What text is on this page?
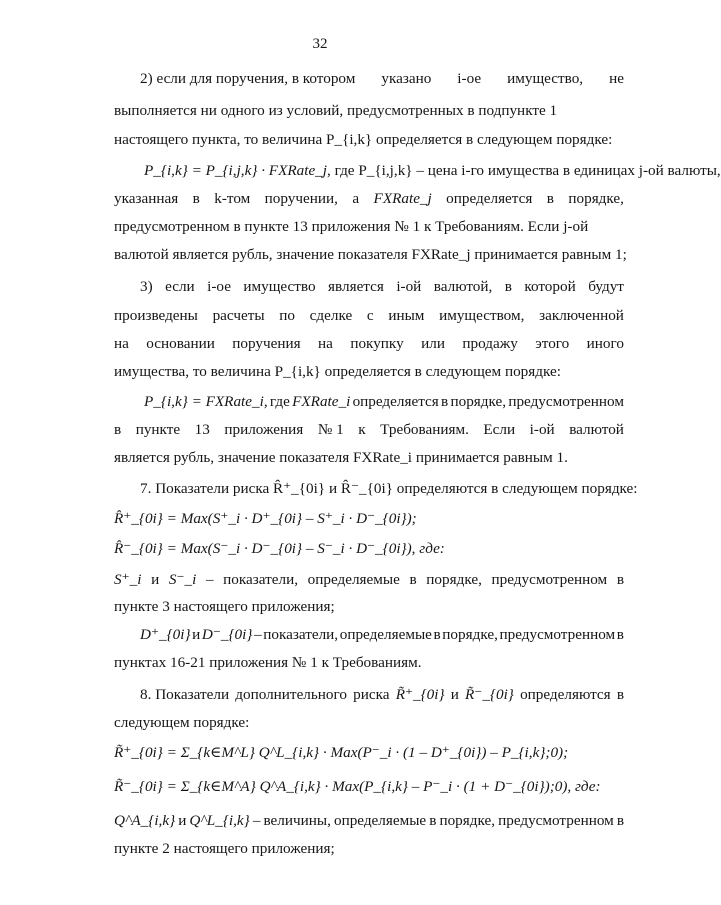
32
2) если для поручения, в котором указано i-ое имущество, не
выполняется ни одного из условий, предусмотренных в подпункте 1
настоящего пункта, то величина P_{i,k} определяется в следующем порядке:
P_{i,k} = P_{i,j,k} · FXRate_j, где P_{i,j,k} – цена i-го имущества в единицах j-ой валюты,
указанная в k-том поручении, а FXRate_j определяется в порядке,
предусмотренном в пункте 13 приложения № 1 к Требованиям. Если j-ой
валютой является рубль, значение показателя FXRate_j принимается равным 1;
3) если i-ое имущество является i-ой валютой, в которой будут
произведены расчеты по сделке с иным имуществом, заключенной
на основании поручения на покупку или продажу этого иного
имущества, то величина P_{i,k} определяется в следующем порядке:
P_{i,k} = FXRate_i, где FXRate_i определяется в порядке, предусмотренном
в пункте 13 приложения № 1 к Требованиям. Если i-ой валютой
является рубль, значение показателя FXRate_i принимается равным 1.
7. Показатели риска R̂⁺_{0i} и R̂⁻_{0i} определяются в следующем порядке:
R̂⁺_{0i} = Max(S⁺_i · D⁺_{0i} – S⁺_i · D⁻_{0i});
R̂⁻_{0i} = Max(S⁻_i · D⁻_{0i} – S⁻_i · D⁻_{0i}), где:
S⁺_i и S⁻_i – показатели, определяемые в порядке, предусмотренном в
пункте 3 настоящего приложения;
D⁺_{0i} и D⁻_{0i} – показатели, определяемые в порядке, предусмотренном в
пунктах 16-21 приложения № 1 к Требованиям.
8. Показатели дополнительного риска R̃⁺_{0i} и R̃⁻_{0i} определяются в
следующем порядке:
R̃⁺_{0i} = Σ_{k∈M^L} Q^L_{i,k} · Max(P⁻_i · (1 – D⁺_{0i}) – P_{i,k};0);
R̃⁻_{0i} = Σ_{k∈M^A} Q^A_{i,k} · Max(P_{i,k} – P⁻_i · (1 + D⁻_{0i});0), где:
Q^A_{i,k} и Q^L_{i,k} – величины, определяемые в порядке, предусмотренном в
пункте 2 настоящего приложения;
